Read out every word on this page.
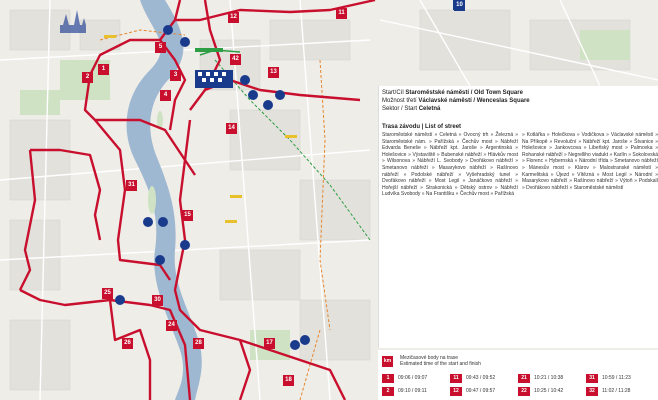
1
2	3
4
5
11
12
13
14
15
17
18
24
25
26	28
30
31
42
10
Start/Cíl Staroměstské náměstí / Old Town Square
Možnost třetí Václavské náměstí / Wenceslas Square
Sektor / Start Celetná
Trasa závodu | List of street
Staroměstské náměstí » Celetná » Ovocný trh » Železná » Staroměstské nám. » Pařížská » Čechův most » Nábřeží Edvarda Beneše » Nábřeží kpt. Jaroše » Argentinská » Holešovice » Výstaviště » Bubenské nábřeží » Hlávkův most » Wilsonova » Nábřeží L. Svobody » Dvořákovo nábřeží » Smetanovo nábřeží » Masarykovo nábřeží » Rašínovo nábřeží » Podolské nábřeží » Vyšehradský tunel » Dvořákovo nábřeží » Most Legií » Janáčkovo nábřeží » Hořejší nábřeží » Strakonická » Dětský ostrov » Nábřeží Ludvíka Svobody » Na Františku » Čechův most » Pařížská
» Kotlářka » Holečkova » Vodičkova » Václavské náměstí » Na Příkopě » Revoluční » Nábřeží kpt. Jaroše » Štvanice » Holešovice » Jankovcova » Libeňský most » Palmovka » Rohanské nábřeží » Negrelliho viadukt » Karlín » Sokolovská » Florenc » Hybernská » Národní třída » Smetanovo nábřeží » Mánesův most » Klárov » Malostranské náměstí » Karmelitská » Újezd » Vítězná » Most Legií » Národní » Masarykovo nábřeží » Rašínovo nábřeží » Výtoň » Podskalí » Dvořákovo nábřeží » Staroměstské náměstí
km	Mezičasové body na trase
Estimated time of the start and finish
1 09:06 / 09:07	11 09:43 / 09:52	21 10:21 / 10:38	31 10:59 / 11:23
2 09:10 / 09:11	12 09:47 / 09:57	22 10:25 / 10:42	32 11:02 / 11:28
